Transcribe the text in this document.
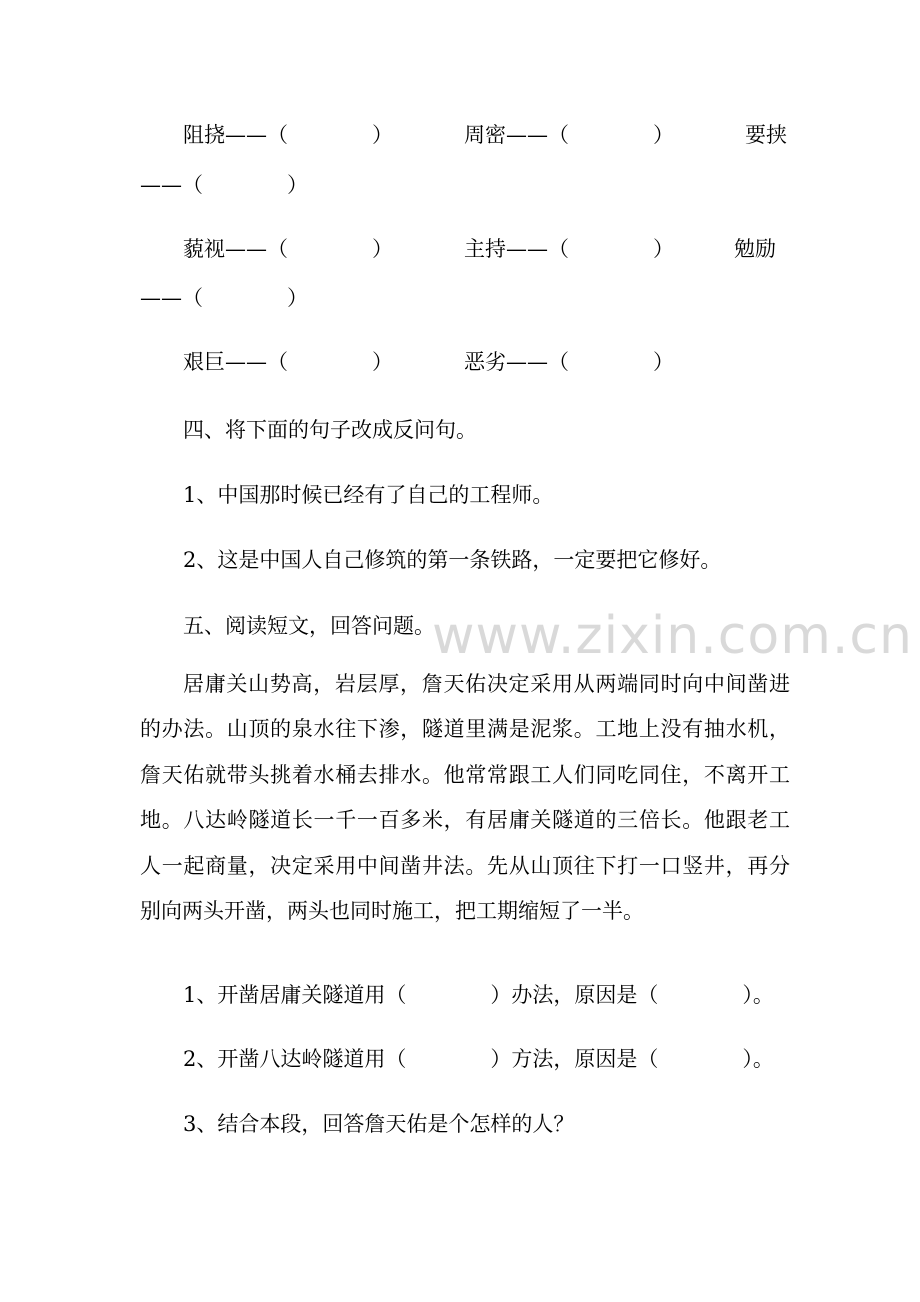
阻挠——（　　　　）	周密——（　　　　）	要挟
——（　　　　）
藐视——（　　　　）	主持——（　　　　）	勉励
——（　　　　）
艰巨——（　　　　）	恶劣——（　　　　）
四、将下面的句子改成反问句。
1、中国那时候已经有了自己的工程师。
2、这是中国人自己修筑的第一条铁路，一定要把它修好。
五、阅读短文，回答问题。
居庸关山势高，岩层厚，詹天佑决定采用从两端同时向中间凿进的办法。山顶的泉水往下渗，隧道里满是泥浆。工地上没有抽水机，詹天佑就带头挑着水桶去排水。他常常跟工人们同吃同住，不离开工地。八达岭隧道长一千一百多米，有居庸关隧道的三倍长。他跟老工人一起商量，决定采用中间凿井法。先从山顶往下打一口竖井，再分别向两头开凿，两头也同时施工，把工期缩短了一半。
1、开凿居庸关隧道用（　　　　）办法，原因是（　　　　）。
2、开凿八达岭隧道用（　　　　）方法，原因是（　　　　）。
3、结合本段，回答詹天佑是个怎样的人？
www.zixin.com.cn
